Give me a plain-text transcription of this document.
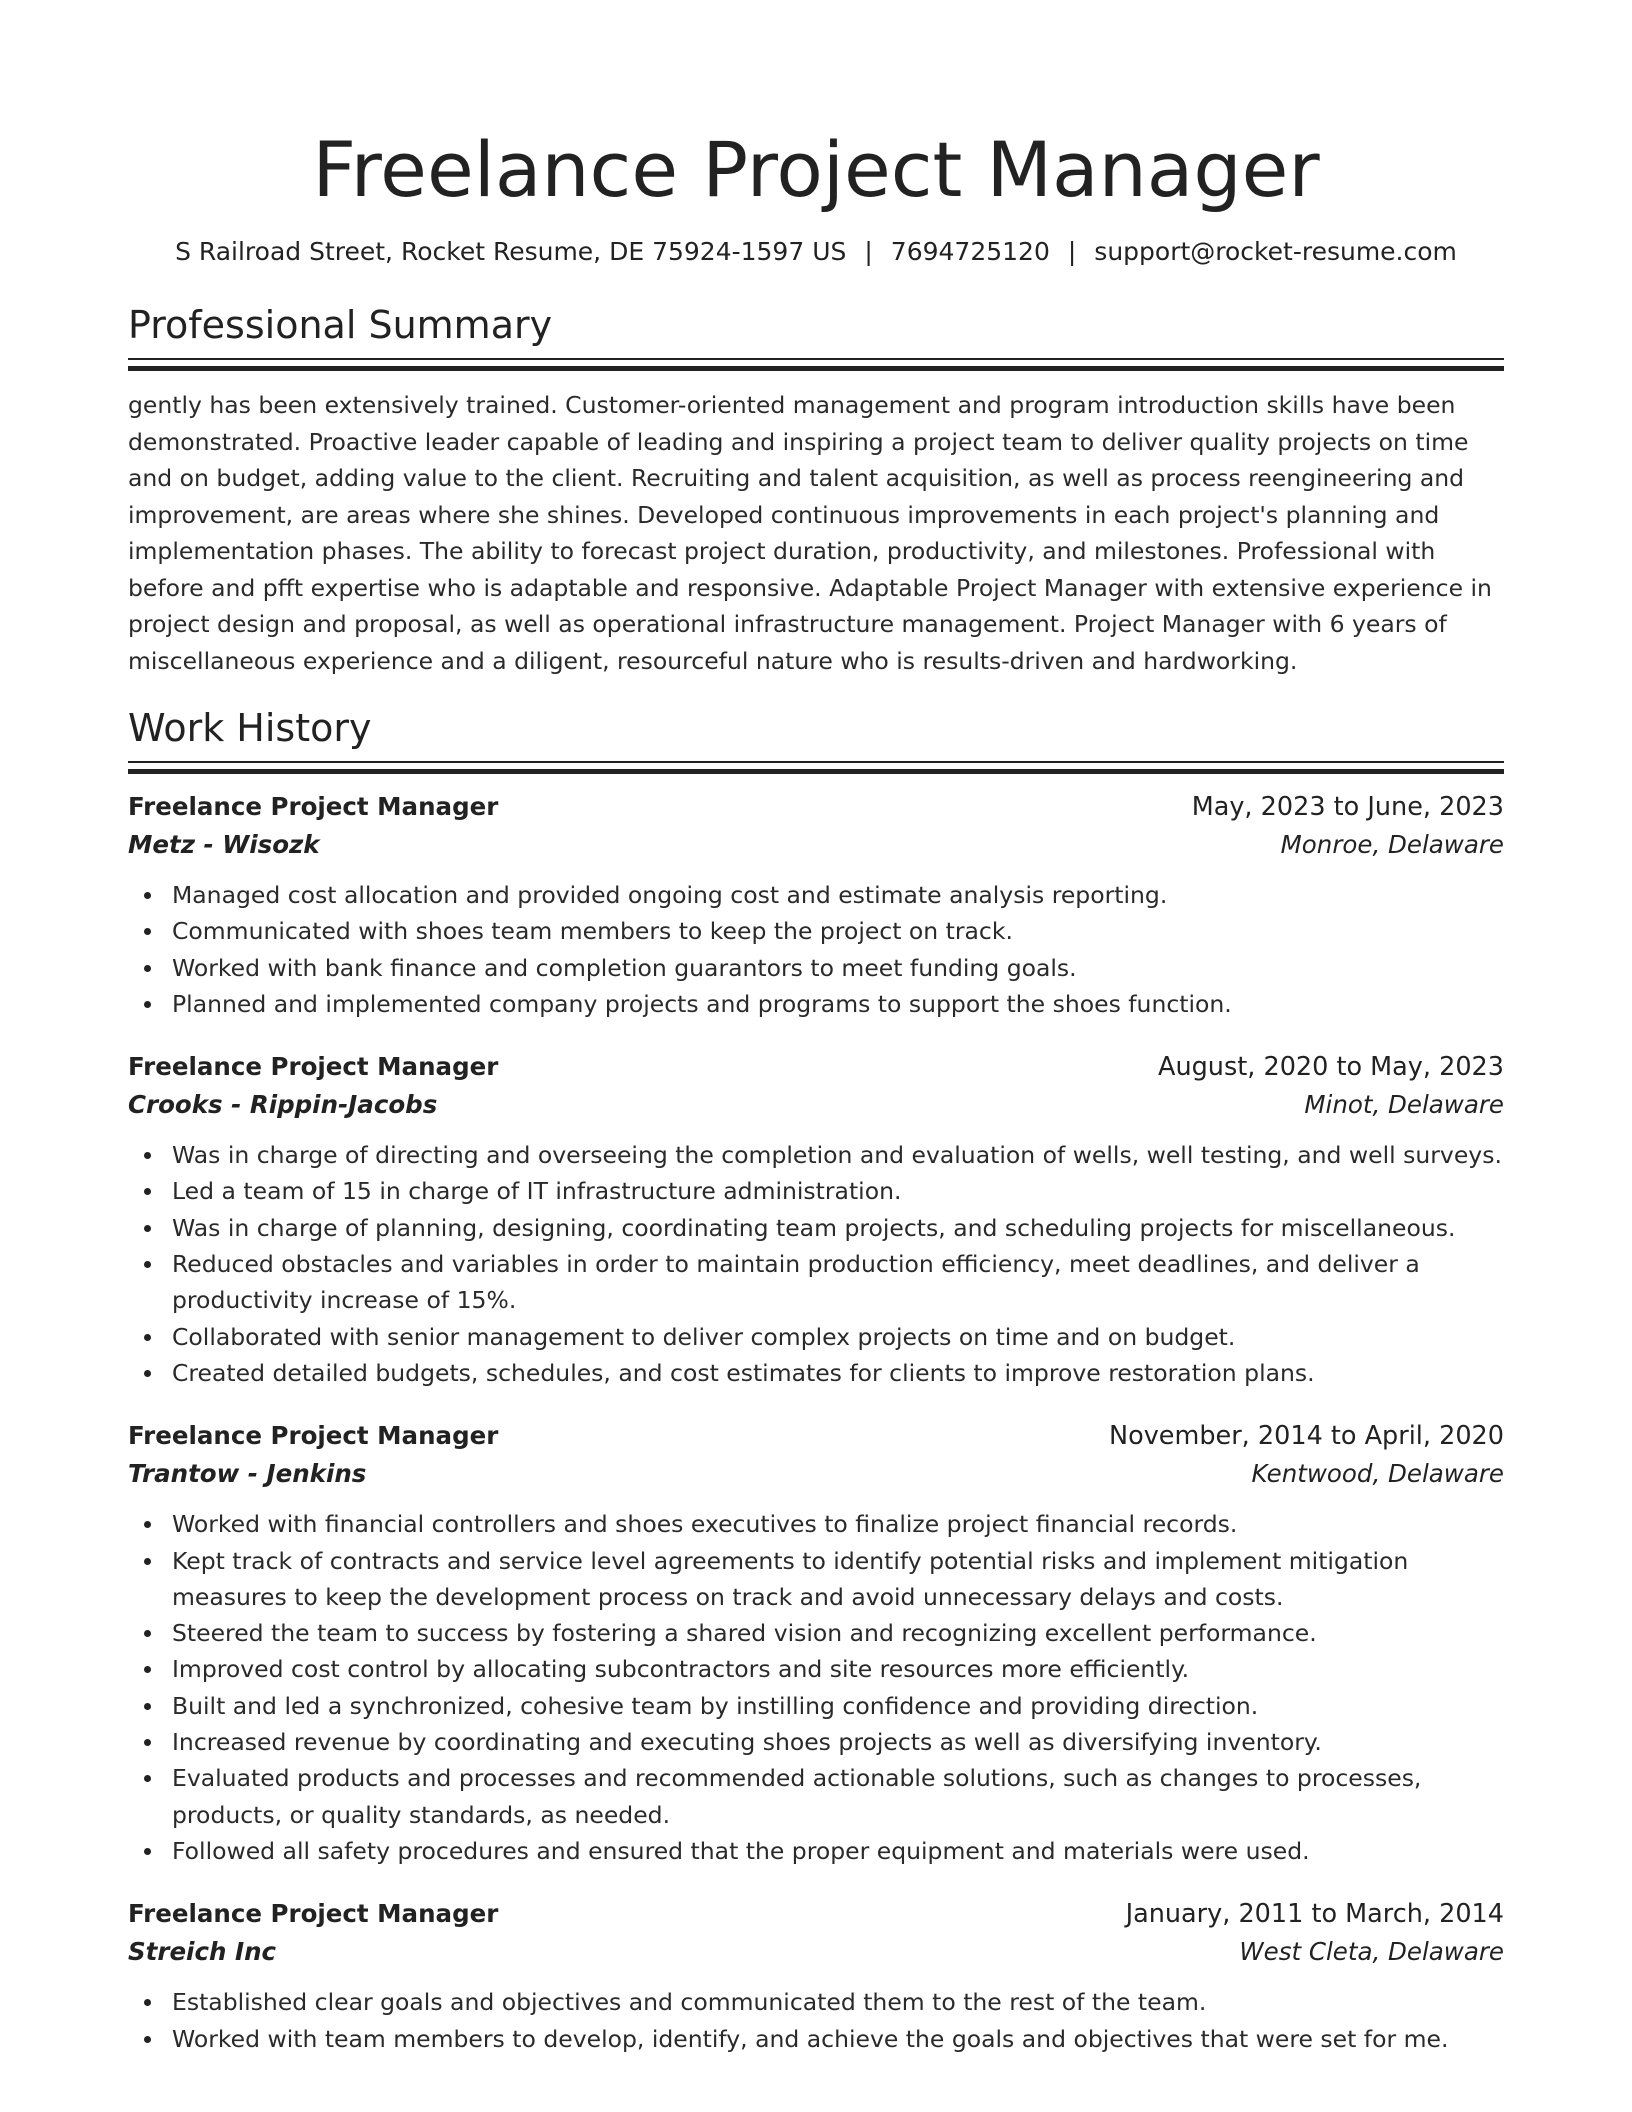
Freelance Project Manager
S Railroad Street, Rocket Resume, DE 75924-1597 US | 7694725120 | support@rocket-resume.com
Professional Summary
gently has been extensively trained. Customer-oriented management and program introduction skills have been demonstrated. Proactive leader capable of leading and inspiring a project team to deliver quality projects on time and on budget, adding value to the client. Recruiting and talent acquisition, as well as process reengineering and improvement, are areas where she shines. Developed continuous improvements in each project's planning and implementation phases. The ability to forecast project duration, productivity, and milestones. Professional with before and pfft expertise who is adaptable and responsive. Adaptable Project Manager with extensive experience in project design and proposal, as well as operational infrastructure management. Project Manager with 6 years of miscellaneous experience and a diligent, resourceful nature who is results-driven and hardworking.
Work History
Freelance Project Manager	May, 2023 to June, 2023
Metz - Wisozk	Monroe, Delaware
Managed cost allocation and provided ongoing cost and estimate analysis reporting.
Communicated with shoes team members to keep the project on track.
Worked with bank finance and completion guarantors to meet funding goals.
Planned and implemented company projects and programs to support the shoes function.
Freelance Project Manager	August, 2020 to May, 2023
Crooks - Rippin-Jacobs	Minot, Delaware
Was in charge of directing and overseeing the completion and evaluation of wells, well testing, and well surveys.
Led a team of 15 in charge of IT infrastructure administration.
Was in charge of planning, designing, coordinating team projects, and scheduling projects for miscellaneous.
Reduced obstacles and variables in order to maintain production efficiency, meet deadlines, and deliver a productivity increase of 15%.
Collaborated with senior management to deliver complex projects on time and on budget.
Created detailed budgets, schedules, and cost estimates for clients to improve restoration plans.
Freelance Project Manager	November, 2014 to April, 2020
Trantow - Jenkins	Kentwood, Delaware
Worked with financial controllers and shoes executives to finalize project financial records.
Kept track of contracts and service level agreements to identify potential risks and implement mitigation measures to keep the development process on track and avoid unnecessary delays and costs.
Steered the team to success by fostering a shared vision and recognizing excellent performance.
Improved cost control by allocating subcontractors and site resources more efficiently.
Built and led a synchronized, cohesive team by instilling confidence and providing direction.
Increased revenue by coordinating and executing shoes projects as well as diversifying inventory.
Evaluated products and processes and recommended actionable solutions, such as changes to processes, products, or quality standards, as needed.
Followed all safety procedures and ensured that the proper equipment and materials were used.
Freelance Project Manager	January, 2011 to March, 2014
Streich Inc	West Cleta, Delaware
Established clear goals and objectives and communicated them to the rest of the team.
Worked with team members to develop, identify, and achieve the goals and objectives that were set for me.
